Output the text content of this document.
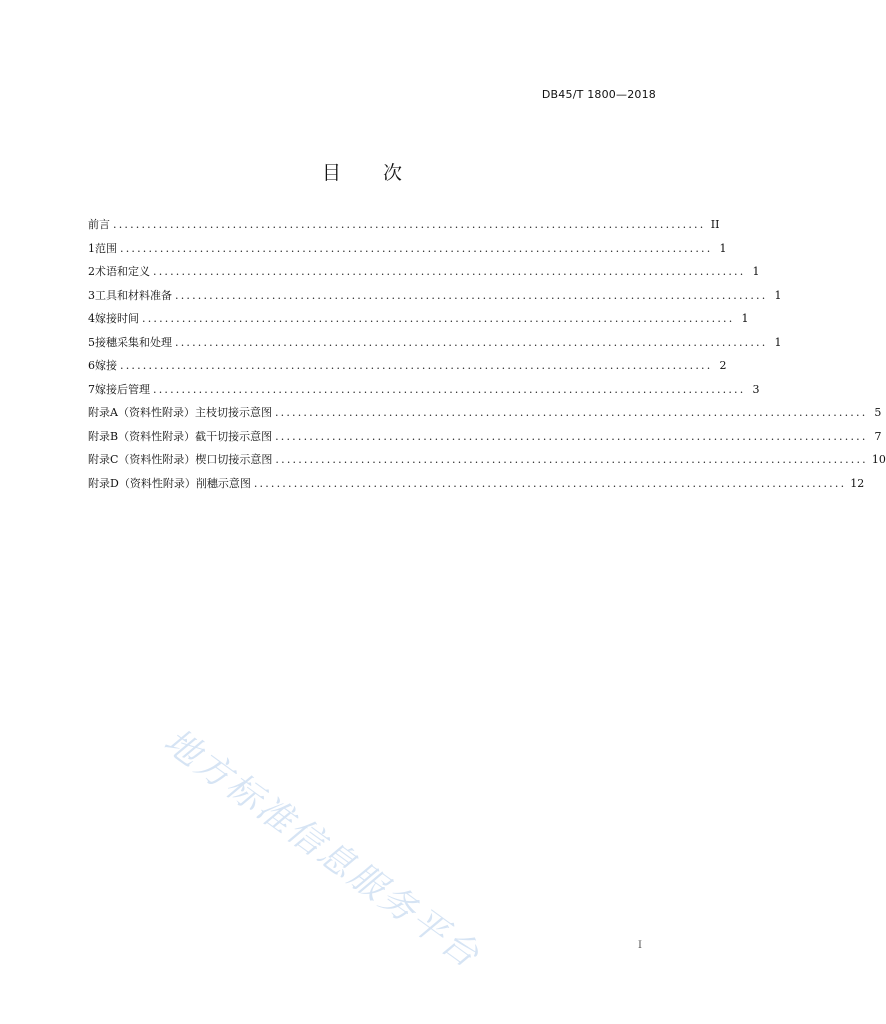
DB45/T 1800—2018
目 次
前 言 ........................................................................................................ II
1 范围 ........................................................................................................ 1
2 术语和定义 ........................................................................................................ 1
3 工具和材料准备 ........................................................................................................ 1
4 嫁接时间 ........................................................................................................ 1
5 接穗采集和处理 ........................................................................................................ 1
6 嫁接 ........................................................................................................ 2
7 嫁接后管理 ........................................................................................................ 3
附录A（资料性附录） 主枝切接示意图 ........................................................................................................ 5
附录B（资料性附录） 截干切接示意图 ........................................................................................................ 7
附录C（资料性附录） 楔口切接示意图 ........................................................................................................ 10
附录D（资料性附录） 削穗示意图 ........................................................................................................ 12
地方标准信息服务平台	I
